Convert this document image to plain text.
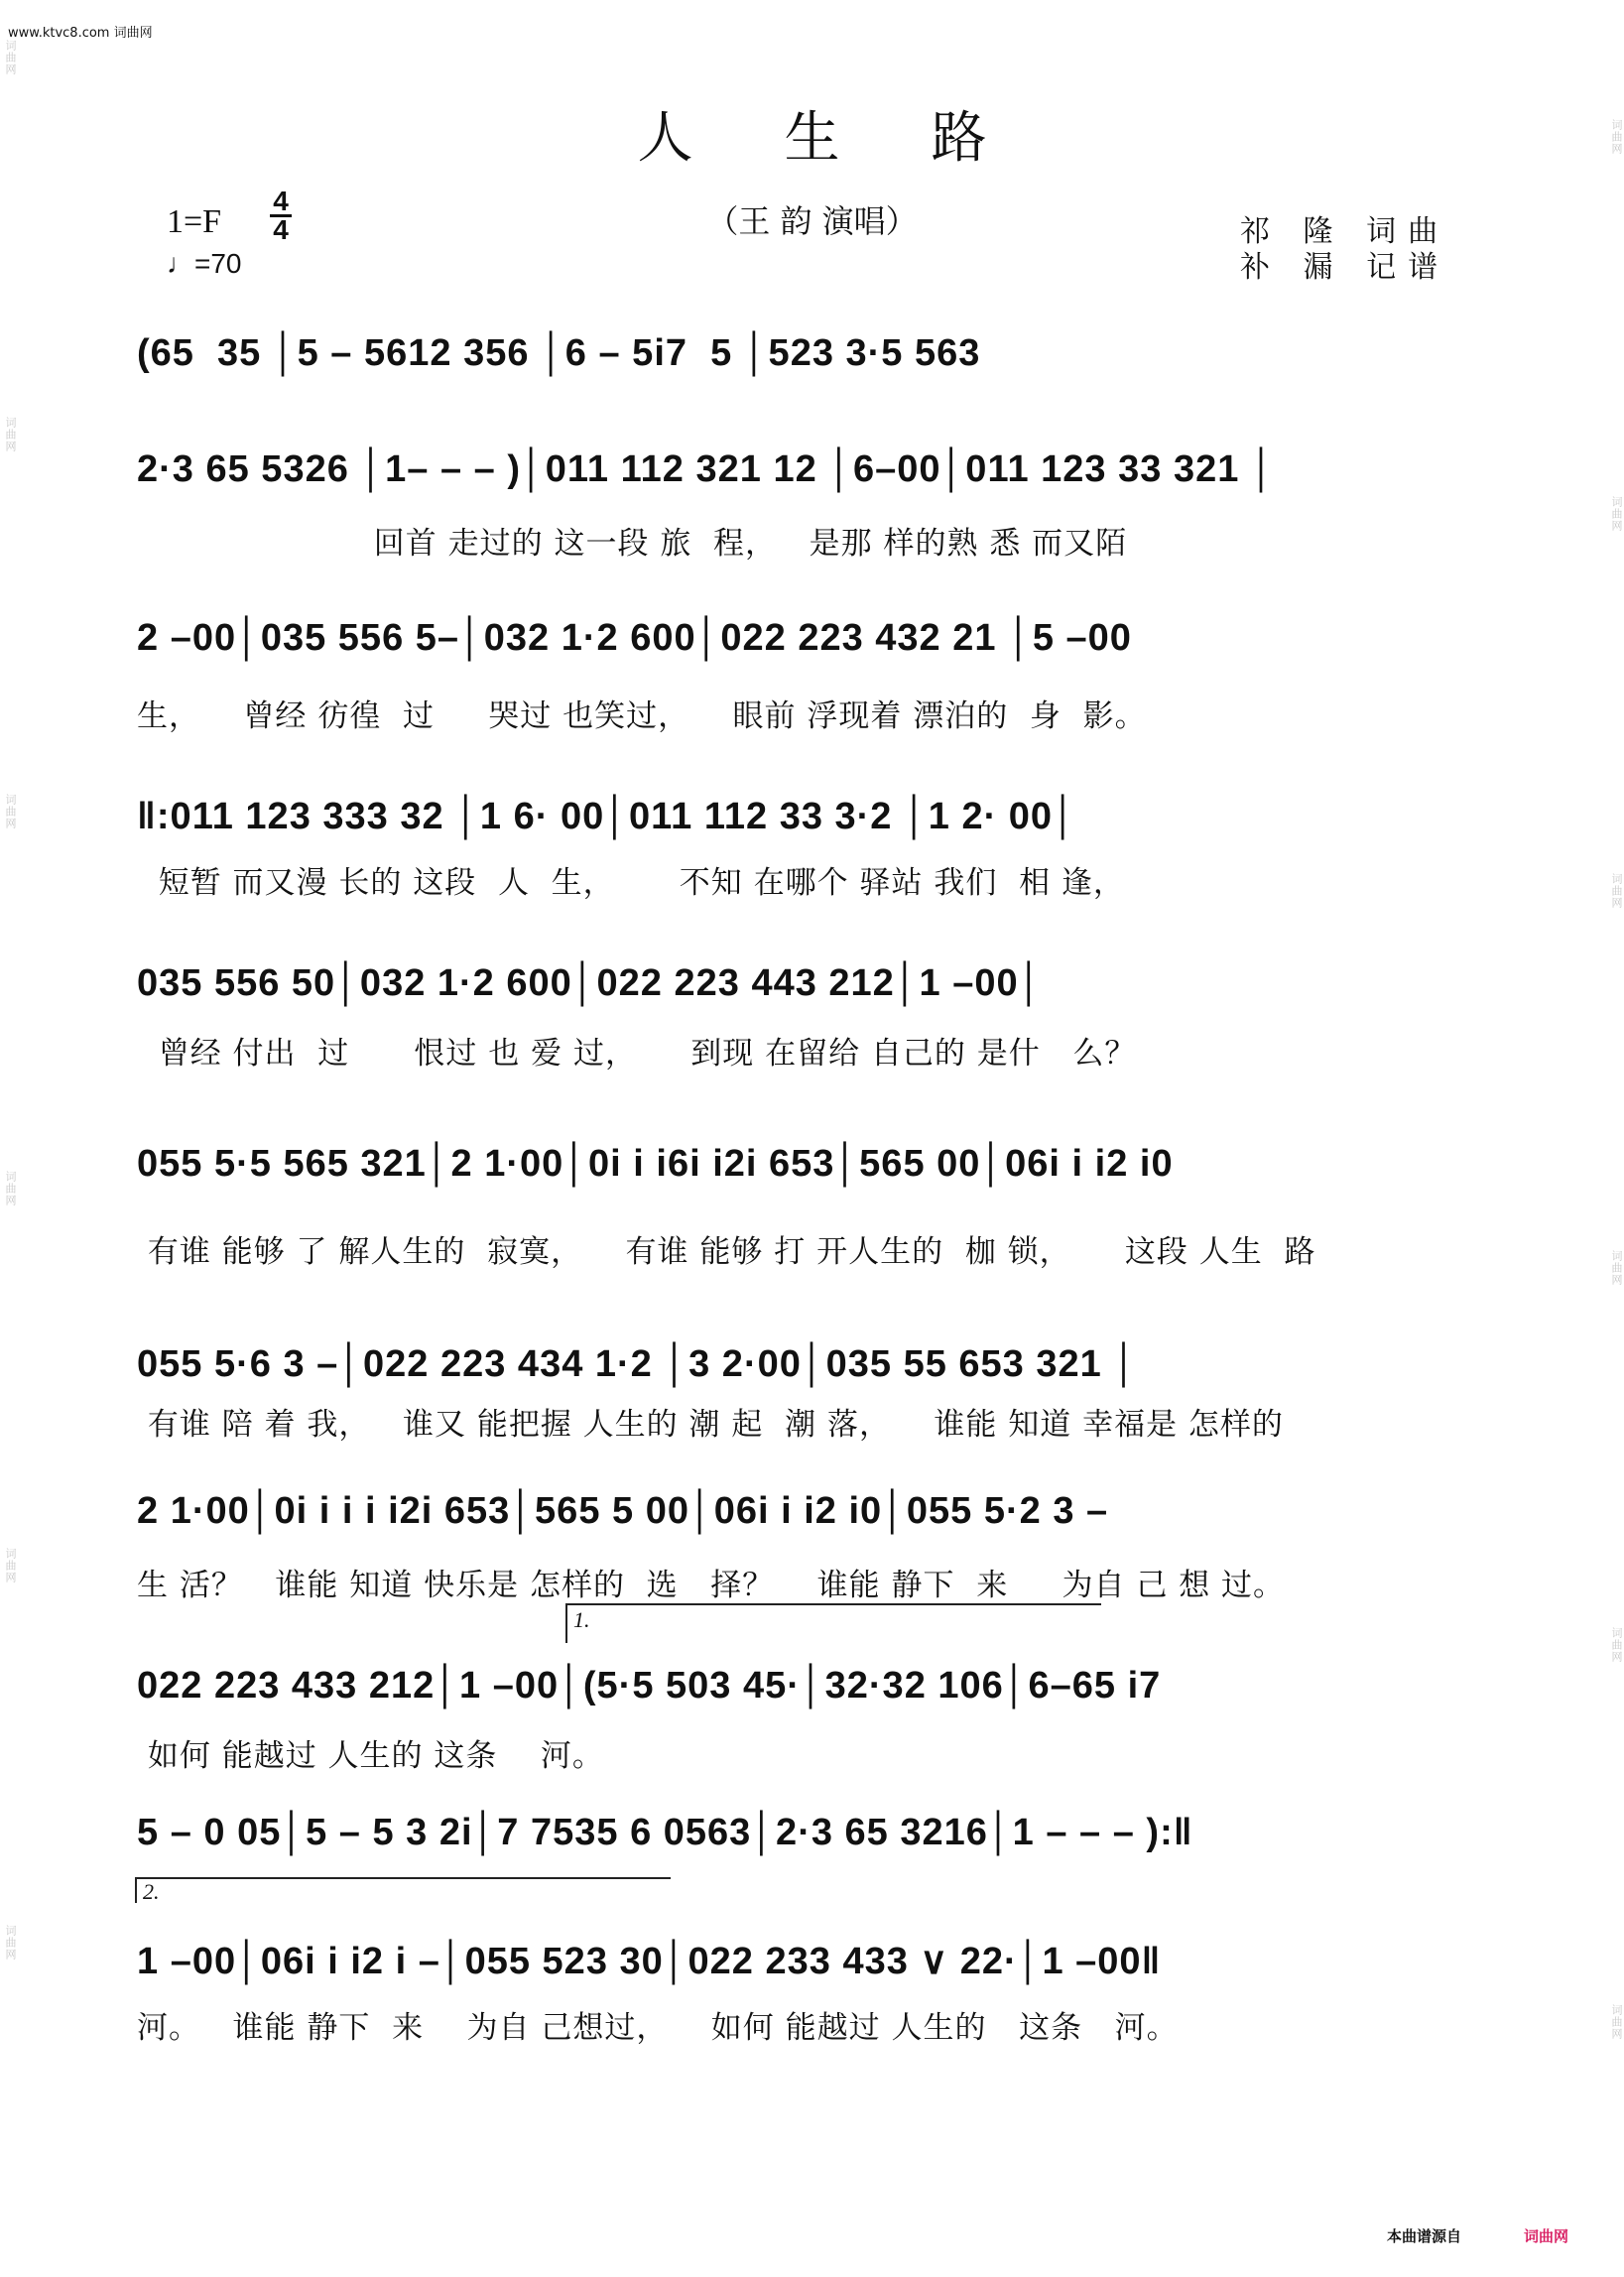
www.ktvc8.com 词曲网
词曲网
词曲网
词曲网
词曲网
词曲网
词曲网
词曲网
词曲网
词曲网
词曲网
词曲网
词曲网
人生路
（王 韵 演唱）
1=F
4
4
♩=70
祁 隆 词曲
补 漏 记谱
(65  35 │5 – 5612 356 │6 – 5i7  5 │523 3·5 563
2·3 65 5326 │1– – – )│011 112 321 12 │6–00│011 123 33 321 │
回首 走过的 这一段 旅  程，   是那 样的熟 悉 而又陌
2 –00│035 556 5–│032 1·2 600│022 223 432 21 │5 –00
生，    曾经 彷徨  过     哭过 也笑过，    眼前 浮现着 漂泊的  身  影。
‖:011 123 333 32 │1 6· 00│011 112 33 3·2 │1 2· 00│
短暂 而又漫 长的 这段  人  生，      不知 在哪个 驿站 我们  相 逢，
035 556 50│032 1·2 600│022 223 443 212│1 –00│
曾经 付出  过      恨过 也 爱 过，     到现 在留给 自己的 是什   么？
055 5·5 565 321│2 1·00│0i i i6i i2i 653│565 00│06i i i2 i0
有谁 能够 了 解人生的  寂寞，    有谁 能够 打 开人生的  枷 锁，     这段 人生  路
055 5·6 3 –│022 223 434 1·2 │3 2·00│035 55 653 321 │
有谁 陪 着 我，   谁又 能把握 人生的 潮 起  潮 落，    谁能 知道 幸福是 怎样的
2 1·00│0i i i i i2i 653│565 5 00│06i i i2 i0│055 5·2 3 –
生 活？   谁能 知道 快乐是 怎样的  选   择？    谁能 静下  来     为自 己 想 过。
1.
022 223 433 212│1 –00│(5·5 503 45·│32·32 106│6–65 i7
如何 能越过 人生的 这条    河。
5 – 0 05│5 – 5 3 2i│7 7535 6 0563│2·3 65 3216│1 – – – ):‖
2.
1 –00│06i i i2 i –│055 523 30│022 233 433 ∨ 22·│1 –00‖
河。   谁能 静下  来    为自 己想过，    如何 能越过 人生的   这条   河。
本曲谱源自	词曲网
